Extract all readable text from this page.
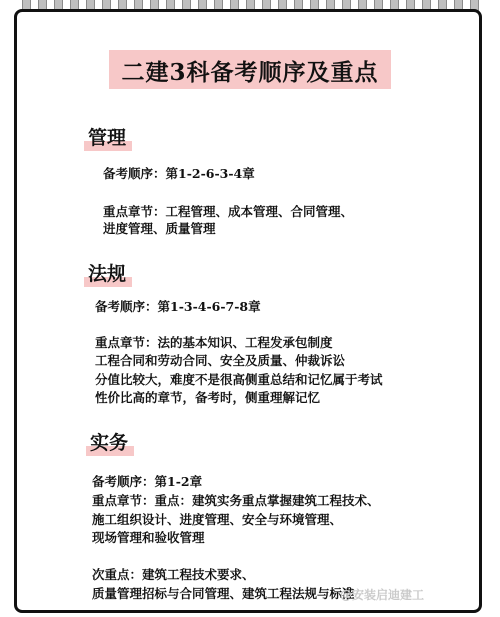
二建3科备考顺序及重点
管理
备考顺序：第1-2-6-3-4章
重点章节：工程管理、成本管理、合同管理、
进度管理、质量管理
法规
备考顺序：第1-3-4-6-7-8章
重点章节：法的基本知识、工程发承包制度
工程合同和劳动合同、安全及质量、仲裁诉讼
分值比较大，难度不是很高侧重总结和记忆属于考试
性价比高的章节，备考时，侧重理解记忆
实务
备考顺序：第1-2章
重点章节：重点：建筑实务重点掌握建筑工程技术、
施工组织设计、进度管理、安全与环境管理、
现场管理和验收管理
次重点：建筑工程技术要求、
质量管理招标与合同管理、建筑工程法规与标准
@安装启迪建工
